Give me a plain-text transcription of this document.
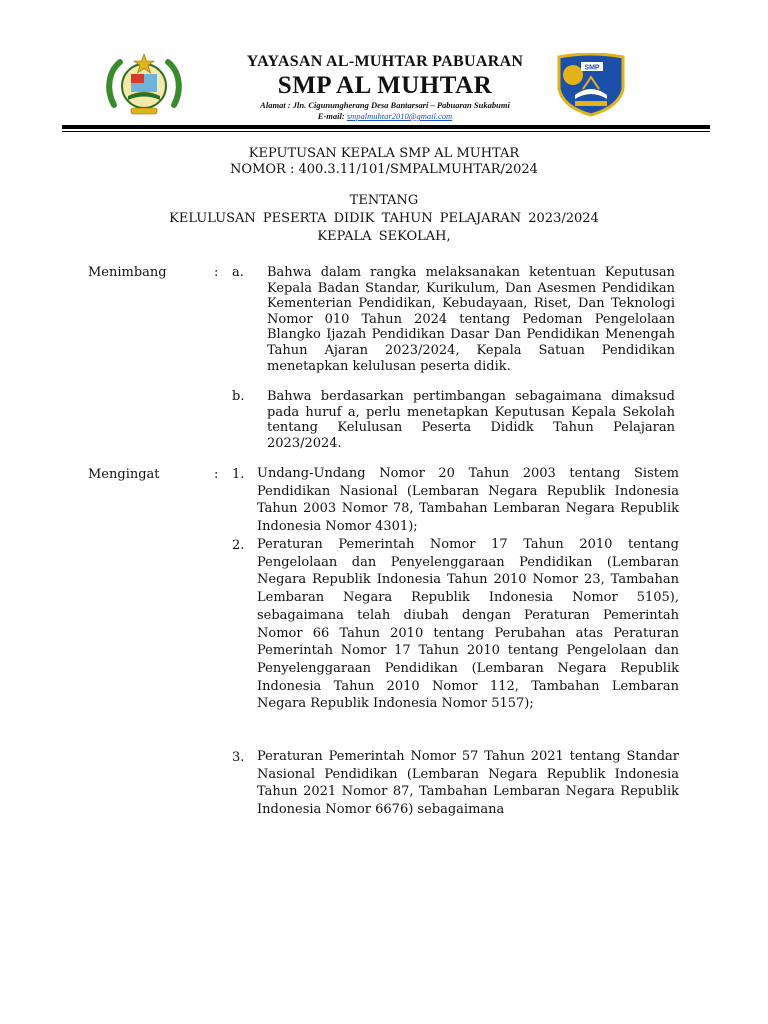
YAYASAN AL-MUHTAR PABUARAN
SMP AL MUHTAR
Alamat : Jln. Cigunungherang Desa Bantarsari – Pabuaran Sukabumi
E-mail: smpalmuhtar2010@gmail.com
SMP
KEPUTUSAN KEPALA SMP AL MUHTAR
NOMOR : 400.3.11/101/SMPALMUHTAR/2024
TENTANG
KELULUSAN PESERTA DIDIK TAHUN PELAJARAN 2023/2024
KEPALA SEKOLAH,
Menimbang	: a. Bahwa dalam rangka melaksanakan ketentuan Keputusan Kepala Badan Standar, Kurikulum, Dan Asesmen Pendidikan Kementerian Pendidikan, Kebudayaan, Riset, Dan Teknologi Nomor 010 Tahun 2024 tentang Pedoman Pengelolaan Blangko Ijazah Pendidikan Dasar Dan Pendidikan Menengah Tahun Ajaran 2023/2024, Kepala Satuan Pendidikan menetapkan kelulusan peserta didik.
b. Bahwa berdasarkan pertimbangan sebagaimana dimaksud pada huruf a, perlu menetapkan Keputusan Kepala Sekolah tentang Kelulusan Peserta Dididk Tahun Pelajaran 2023/2024.
Mengingat	: 1. Undang-Undang Nomor 20 Tahun 2003 tentang Sistem Pendidikan Nasional (Lembaran Negara Republik Indonesia Tahun 2003 Nomor 78, Tambahan Lembaran Negara Republik Indonesia Nomor 4301);
2. Peraturan Pemerintah Nomor 17 Tahun 2010 tentang Pengelolaan dan Penyelenggaraan Pendidikan (Lembaran Negara Republik Indonesia Tahun 2010 Nomor 23, Tambahan Lembaran Negara Republik Indonesia Nomor 5105), sebagaimana telah diubah dengan Peraturan Pemerintah Nomor 66 Tahun 2010 tentang Perubahan atas Peraturan Pemerintah Nomor 17 Tahun 2010 tentang Pengelolaan dan Penyelenggaraan Pendidikan (Lembaran Negara Republik Indonesia Tahun 2010 Nomor 112, Tambahan Lembaran Negara Republik Indonesia Nomor 5157);
3. Peraturan Pemerintah Nomor 57 Tahun 2021 tentang Standar Nasional Pendidikan (Lembaran Negara Republik Indonesia Tahun 2021 Nomor 87, Tambahan Lembaran Negara Republik Indonesia Nomor 6676) sebagaimana
